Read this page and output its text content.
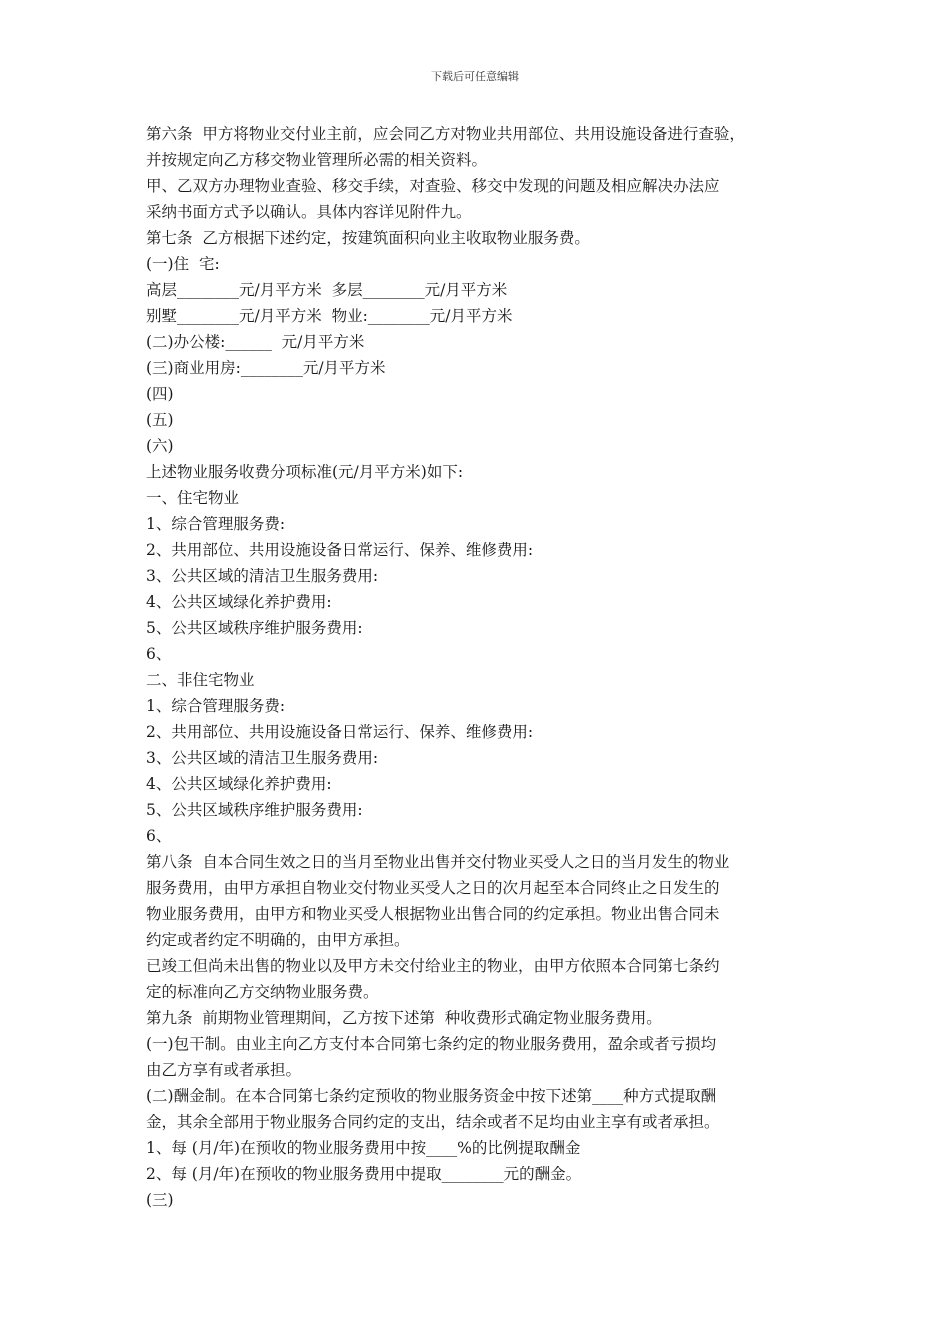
下载后可任意编辑
第六条  甲方将物业交付业主前，应会同乙方对物业共用部位、共用设施设备进行查验，
并按规定向乙方移交物业管理所必需的相关资料。
甲、乙双方办理物业查验、移交手续，对查验、移交中发现的问题及相应解决办法应
采纳书面方式予以确认。具体内容详见附件九。
第七条  乙方根据下述约定，按建筑面积向业主收取物业服务费。
(一)住  宅:
高层________元/月平方米  多层________元/月平方米
别墅________元/月平方米  物业:________元/月平方米
(二)办公楼:______  元/月平方米
(三)商业用房:________元/月平方米
(四)
(五)
(六)
上述物业服务收费分项标准(元/月平方米)如下:
一、住宅物业
1、综合管理服务费:
2、共用部位、共用设施设备日常运行、保养、维修费用:
3、公共区域的清洁卫生服务费用:
4、公共区域绿化养护费用:
5、公共区域秩序维护服务费用:
6、
二、非住宅物业
1、综合管理服务费:
2、共用部位、共用设施设备日常运行、保养、维修费用:
3、公共区域的清洁卫生服务费用:
4、公共区域绿化养护费用:
5、公共区域秩序维护服务费用:
6、
第八条  自本合同生效之日的当月至物业出售并交付物业买受人之日的当月发生的物业
服务费用，由甲方承担自物业交付物业买受人之日的次月起至本合同终止之日发生的
物业服务费用，由甲方和物业买受人根据物业出售合同的约定承担。物业出售合同未
约定或者约定不明确的，由甲方承担。
已竣工但尚未出售的物业以及甲方未交付给业主的物业，由甲方依照本合同第七条约
定的标准向乙方交纳物业服务费。
第九条  前期物业管理期间，乙方按下述第  种收费形式确定物业服务费用。
(一)包干制。由业主向乙方支付本合同第七条约定的物业服务费用，盈余或者亏损均
由乙方享有或者承担。
(二)酬金制。在本合同第七条约定预收的物业服务资金中按下述第____种方式提取酬
金，其余全部用于物业服务合同约定的支出，结余或者不足均由业主享有或者承担。
1、每 (月/年)在预收的物业服务费用中按____%的比例提取酬金
2、每 (月/年)在预收的物业服务费用中提取________元的酬金。
(三)
